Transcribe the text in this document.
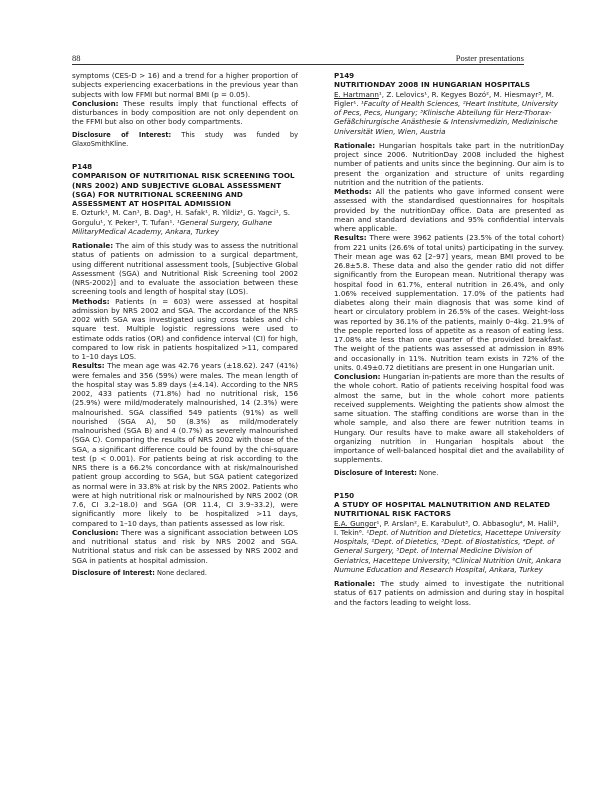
88	Poster presentations

symptoms (CES-D > 16) and a trend for a higher proportion of subjects experiencing exacerbations in the previous year than subjects with low FFMI but normal BMI (p = 0.05).

Conclusion: These results imply that functional effects of disturbances in body composition are not only dependent on the FFMI but also on other body compartments.

Disclosure of Interest: This study was funded by GlaxoSmithKline.

P148

COMPARISON OF NUTRITIONAL RISK SCREENING TOOL (NRS 2002) AND SUBJECTIVE GLOBAL ASSESSMENT (SGA) FOR NUTRITIONAL SCREENING AND ASSESSMENT AT HOSPITAL ADMISSION

E. Ozturk¹, M. Can¹, B. Dag¹, H. Safak¹, R. Yildiz¹, G. Yagci¹, S. Gorgulu¹, Y. Peker¹, T. Tufan¹. ¹General Surgery, Gulhane MilitaryMedical Academy, Ankara, Turkey

Rationale: The aim of this study was to assess the nutritional status of patients on admission to a surgical department, using different nutritional assessment tools, [Subjective Global Assessment (SGA) and Nutritional Risk Screening tool 2002 (NRS-2002)] and to evaluate the association between these screening tools and length of hospital stay (LOS).

Methods: Patients (n = 603) were assessed at hospital admission by NRS 2002 and SGA. The accordance of the NRS 2002 with SGA was investigated using cross tables and chi-square test. Multiple logistic regressions were used to estimate odds ratios (OR) and confidence interval (CI) for high, compared to low risk in patients hospitalized >11, compared to 1–10 days LOS.

Results: The mean age was 42.76 years (±18.62). 247 (41%) were females and 356 (59%) were males. The mean length of the hospital stay was 5.89 days (±4.14). According to the NRS 2002, 433 patients (71.8%) had no nutritional risk, 156 (25.9%) were mild/moderately malnourished, 14 (2.3%) were malnourished. SGA classified 549 patients (91%) as well nourished (SGA A), 50 (8.3%) as mild/moderately malnourished (SGA B) and 4 (0.7%) as severely malnourished (SGA C). Comparing the results of NRS 2002 with those of the SGA, a significant difference could be found by the chi-square test (p < 0.001). For patients being at risk according to the NRS there is a 66.2% concordance with at risk/malnourished patient group according to SGA, but SGA patient categorized as normal were in 33.8% at risk by the NRS 2002. Patients who were at high nutritional risk or malnourished by NRS 2002 (OR 7.6, CI 3.2–18.0) and SGA (OR 11.4, CI 3.9–33.2), were significantly more likely to be hospitalized >11 days, compared to 1–10 days, than patients assessed as low risk.

Conclusion: There was a significant association between LOS and nutritional status and risk by NRS 2002 and SGA. Nutritional status and risk can be assessed by NRS 2002 and SGA in patients at hospital admission.

Disclosure of Interest: None declared.

P149

NUTRITIONDAY 2008 IN HUNGARIAN HOSPITALS

E. Hartmann¹, Z. Lelovics¹, R. Kegyes Bozó², M. Hiesmayr³, M. Figler¹. ¹Faculty of Health Sciences, ²Heart Institute, University of Pecs, Pecs, Hungary; ³Klinische Abteilung für Herz-Thorax-Gefäßchirurgische Anästhesie & Intensivmedizin, Medizinische Universität Wien, Wien, Austria

Rationale: Hungarian hospitals take part in the nutritionDay project since 2006. NutritionDay 2008 included the highest number of patients and units since the beginning. Our aim is to present the organization and structure of units regarding nutrition and the nutrition of the patients.

Methods: All the patients who gave informed consent were assessed with the standardised questionnaires for hospitals provided by the nutritionDay office. Data are presented as mean and standard deviations and 95% confidential intervals where applicable.

Results: There were 3962 patients (23.5% of the total cohort) from 221 units (26.6% of total units) participating in the survey. Their mean age was 62 [2–97] years, mean BMI proved to be 26.8±5.8. These data and also the gender ratio did not differ significantly from the European mean. Nutritional therapy was hospital food in 61.7%, enteral nutrition in 26.4%, and only 1.06% received supplementation. 17.0% of the patients had diabetes along their main diagnosis that was some kind of heart or circulatory problem in 26.5% of the cases. Weight-loss was reported by 36.1% of the patients, mainly 0–4kg. 21.9% of the people reported loss of appetite as a reason of eating less. 17.08% ate less than one quarter of the provided breakfast. The weight of the patients was assessed at admission in 89% and occasionally in 11%. Nutrition team exists in 72% of the units. 0.49±0.72 dietitians are present in one Hungarian unit.

Conclusion: Hungarian in-patients are more than the results of the whole cohort. Ratio of patients receiving hospital food was almost the same, but in the whole cohort more patients received supplements. Weighting the patients show almost the same situation. The staffing conditions are worse than in the whole sample, and also there are fewer nutrition teams in Hungary. Our results have to make aware all stakeholders of organizing nutrition in Hungarian hospitals about the importance of well-balanced hospital diet and the availability of supplements.

Disclosure of Interest: None.

P150

A STUDY OF HOSPITAL MALNUTRITION AND RELATED NUTRITIONAL RISK FACTORS

E.A. Gungor¹, P. Arslan², E. Karabulut³, O. Abbasoglu⁴, M. Halil⁵, I. Tekin⁶. ¹Dept. of Nutrition and Dietetics, Hacettepe University Hospitals, ²Dept. of Dietetics, ³Dept. of Biostatistics, ⁴Dept. of General Surgery, ⁵Dept. of Internal Medicine Division of Geriatrics, Hacettepe University, ⁶Clinical Nutrition Unit, Ankara Numune Education and Research Hospital, Ankara, Turkey

Rationale: The study aimed to investigate the nutritional status of 617 patients on admission and during stay in hospital and the factors leading to weight loss.
